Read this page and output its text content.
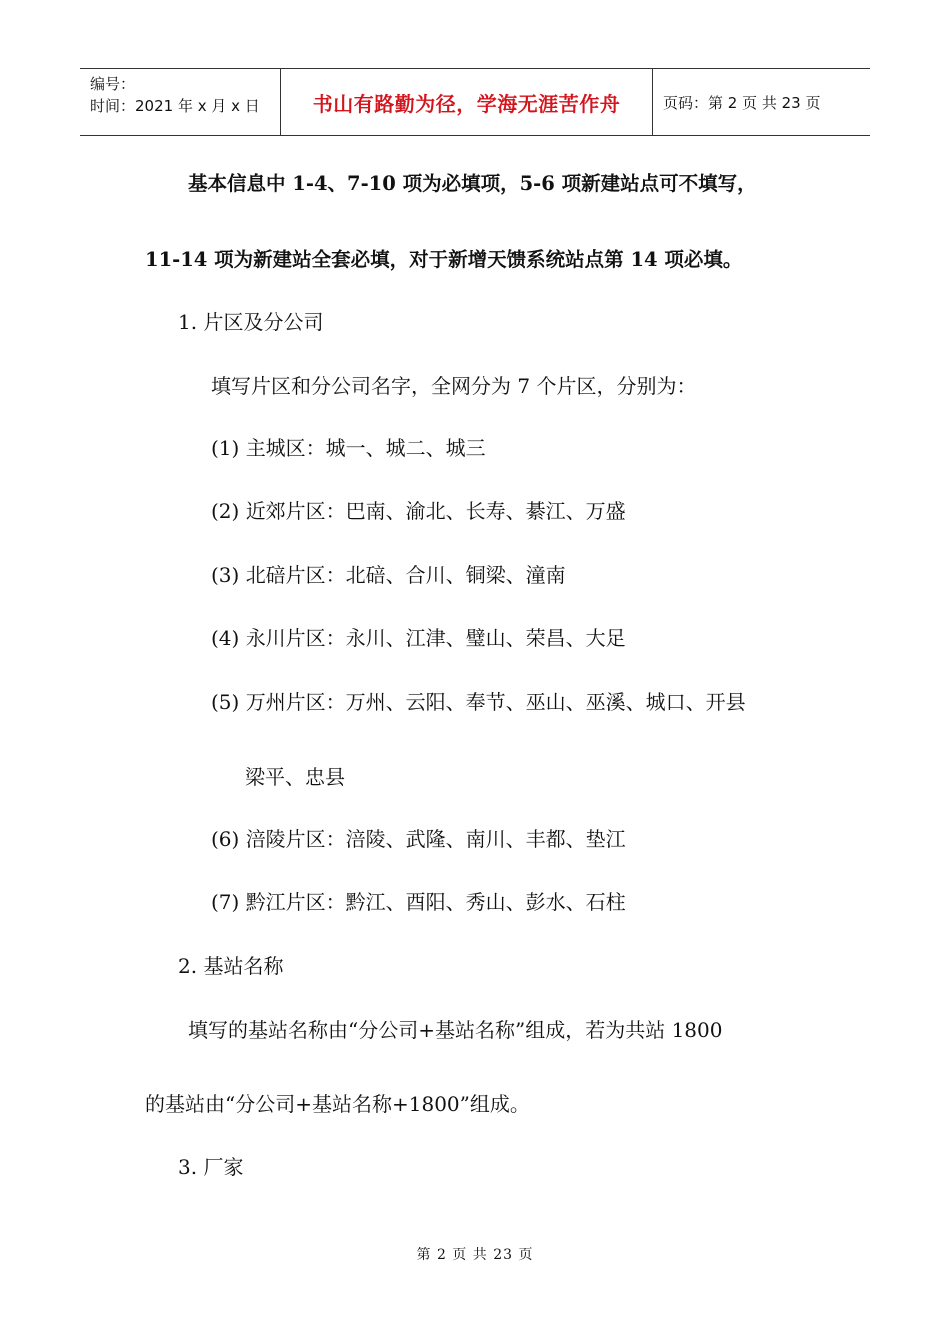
编号：
时间：2021 年 x 月 x 日	书山有路勤为径，学海无涯苦作舟	页码：第 2 页 共 23 页
基本信息中 1-4、7-10 项为必填项，5-6 项新建站点可不填写，
11-14 项为新建站全套必填，对于新增天馈系统站点第 14 项必填。
1. 片区及分公司
填写片区和分公司名字，全网分为 7 个片区，分别为：
(1) 主城区：城一、城二、城三
(2) 近郊片区：巴南、渝北、长寿、綦江、万盛
(3) 北碚片区：北碚、合川、铜梁、潼南
(4) 永川片区：永川、江津、璧山、荣昌、大足
(5) 万州片区：万州、云阳、奉节、巫山、巫溪、城口、开县
梁平、忠县
(6) 涪陵片区：涪陵、武隆、南川、丰都、垫江
(7) 黔江片区：黔江、酉阳、秀山、彭水、石柱
2. 基站名称
填写的基站名称由“分公司+基站名称”组成，若为共站 1800
的基站由“分公司+基站名称+1800”组成。
3. 厂家
第 2 页 共 23 页
